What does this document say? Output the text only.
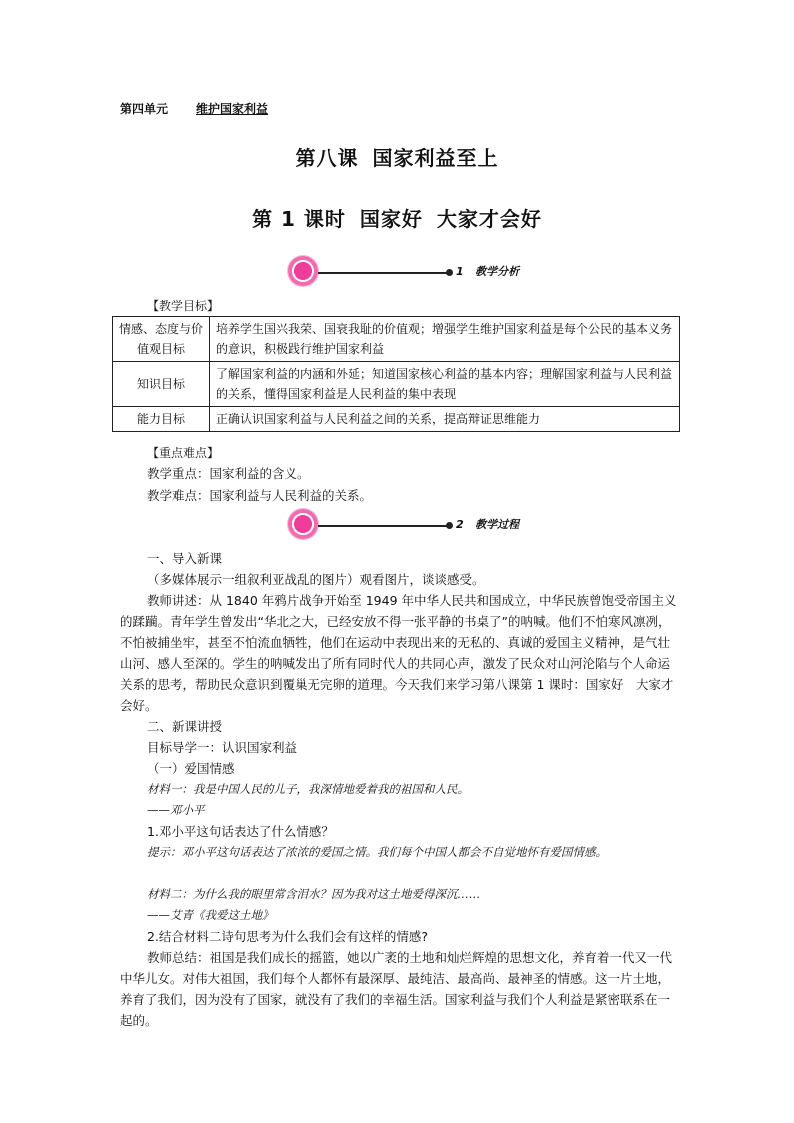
第四单元 维护国家利益
第八课 国家利益至上
第 1 课时 国家好 大家才会好
1   教学分析
【教学目标】
情感、态度与价值观目标	培养学生国兴我荣、国衰我耻的价值观；增强学生维护国家利益是每个公民的基本义务的意识，积极践行维护国家利益
知识目标	了解国家利益的内涵和外延；知道国家核心利益的基本内容；理解国家利益与人民利益的关系，懂得国家利益是人民利益的集中表现
能力目标	正确认识国家利益与人民利益之间的关系，提高辩证思维能力
【重点难点】
教学重点：国家利益的含义。
教学难点：国家利益与人民利益的关系。
2   教学过程
一、导入新课
（多媒体展示一组叙利亚战乱的图片）观看图片，谈谈感受。
教师讲述：从 1840 年鸦片战争开始至 1949 年中华人民共和国成立，中华民族曾饱受帝国主义的蹂躏。青年学生曾发出“华北之大，已经安放不得一张平静的书桌了”的呐喊。他们不怕寒风凛冽，不怕被捕坐牢，甚至不怕流血牺牲，他们在运动中表现出来的无私的、真诚的爱国主义精神，是气壮山河、感人至深的。学生的呐喊发出了所有同时代人的共同心声，激发了民众对山河沦陷与个人命运关系的思考，帮助民众意识到覆巢无完卵的道理。今天我们来学习第八课第 1 课时：国家好　大家才会好。
二、新课讲授
目标导学一：认识国家利益
（一）爱国情感
材料一：我是中国人民的儿子，我深情地爱着我的祖国和人民。
——邓小平
1.邓小平这句话表达了什么情感？
提示：邓小平这句话表达了浓浓的爱国之情。我们每个中国人都会不自觉地怀有爱国情感。
材料二：为什么我的眼里常含泪水？因为我对这土地爱得深沉……
——艾青《我爱这土地》
2.结合材料二诗句思考为什么我们会有这样的情感?
教师总结：祖国是我们成长的摇篮，她以广袤的土地和灿烂辉煌的思想文化，养育着一代又一代中华儿女。对伟大祖国，我们每个人都怀有最深厚、最纯洁、最高尚、最神圣的情感。这一片土地，养育了我们，因为没有了国家，就没有了我们的幸福生活。国家利益与我们个人利益是紧密联系在一起的。
